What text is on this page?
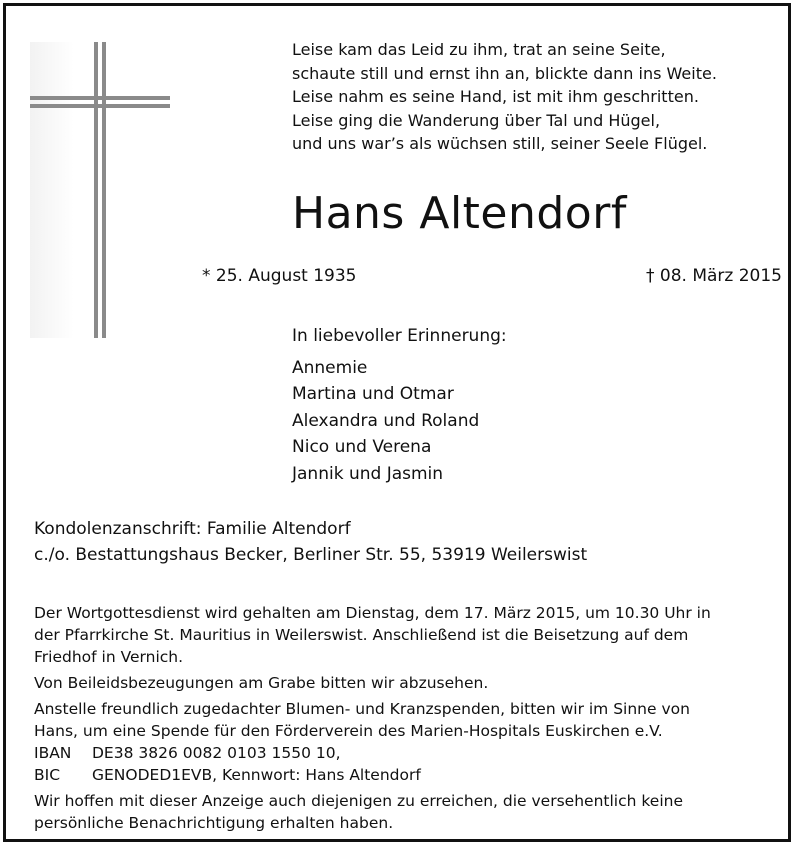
Leise kam das Leid zu ihm, trat an seine Seite,
schaute still und ernst ihn an, blickte dann ins Weite.
Leise nahm es seine Hand, ist mit ihm geschritten.
Leise ging die Wanderung über Tal und Hügel,
und uns war’s als wüchsen still, seiner Seele Flügel.
Hans Altendorf
* 25. August 1935	† 08. März 2015
In liebevoller Erinnerung:
Annemie
Martina und Otmar
Alexandra und Roland
Nico und Verena
Jannik und Jasmin
Kondolenzanschrift: Familie Altendorf
c./o. Bestattungshaus Becker, Berliner Str. 55, 53919 Weilerswist
Der Wortgottesdienst wird gehalten am Dienstag, dem 17. März 2015, um 10.30 Uhr in
der Pfarrkirche St. Mauritius in Weilerswist. Anschließend ist die Beisetzung auf dem
Friedhof in Vernich.
Von Beileidsbezeugungen am Grabe bitten wir abzusehen.
Anstelle freundlich zugedachter Blumen- und Kranzspenden, bitten wir im Sinne von
Hans, um eine Spende für den Förderverein des Marien-Hospitals Euskirchen e.V.
IBAN DE38 3826 0082 0103 1550 10,
BIC GENODED1EVB, Kennwort: Hans Altendorf
Wir hoffen mit dieser Anzeige auch diejenigen zu erreichen, die versehentlich keine
persönliche Benachrichtigung erhalten haben.
